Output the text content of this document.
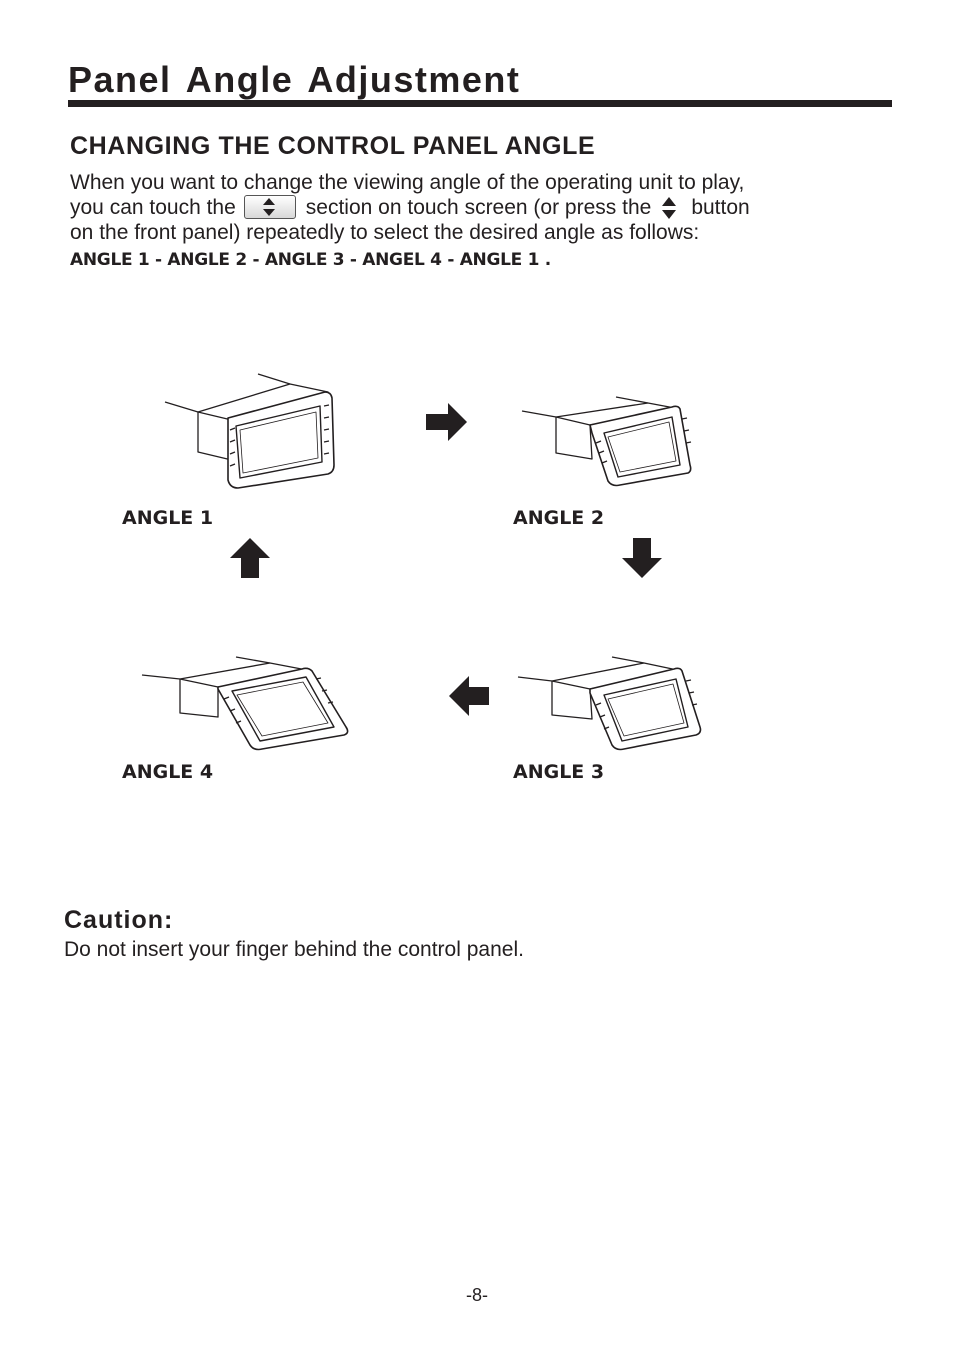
Panel Angle Adjustment
CHANGING THE CONTROL PANEL ANGLE
When you want to change the viewing angle of the operating unit to play,
you can touch the	section on touch screen (or press the button
on the front panel) repeatedly to select the desired angle as follows:
ANGLE 1 - ANGLE 2 - ANGLE 3 - ANGEL 4 - ANGLE 1 .
ANGLE 1	ANGLE 2
ANGLE 4	ANGLE 3
Caution:
Do not insert your finger behind the control panel.
-8-
